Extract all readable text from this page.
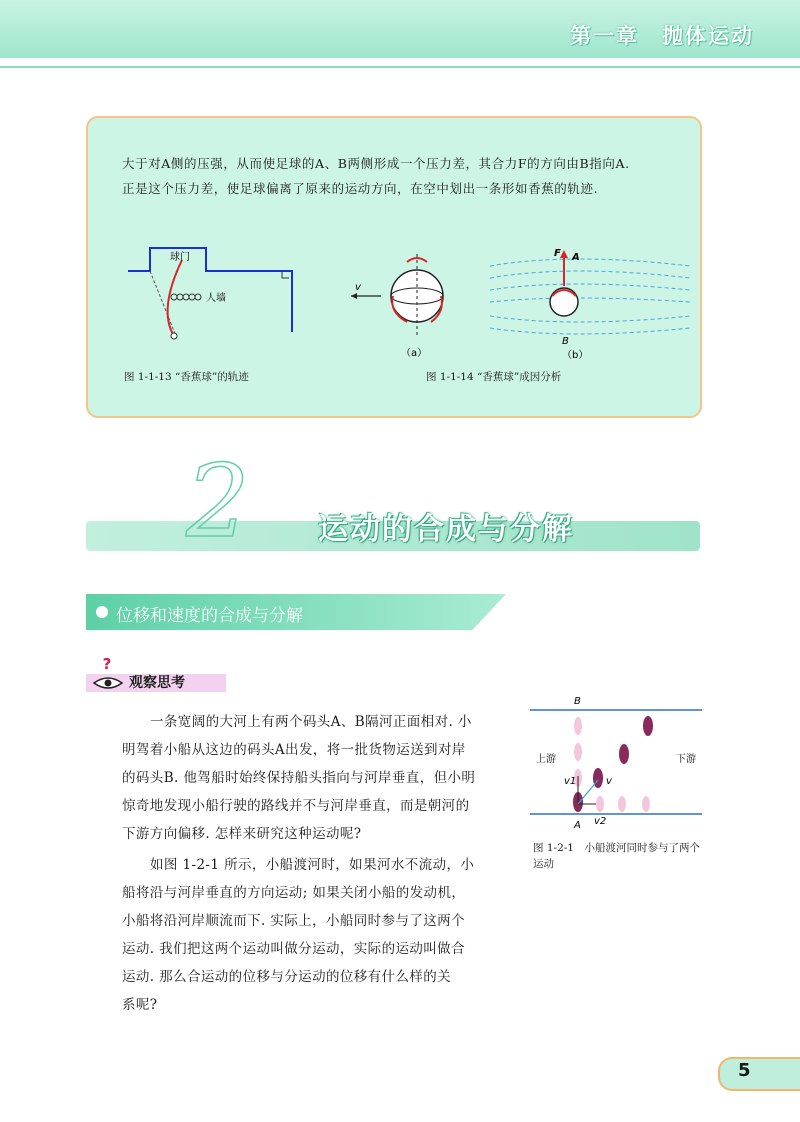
第一章　抛体运动
大于对A侧的压强，从而使足球的A、B两侧形成一个压力差，其合力F的方向由B指向A.
正是这个压力差，使足球偏离了原来的运动方向，在空中划出一条形如香蕉的轨迹.
球门
人墙
图 1-1-13 “香蕉球”的轨迹
v
（a）
F A
B
（b）
图 1-1-14 “香蕉球”成因分析
2 运动的合成与分解
位移和速度的合成与分解
?
观察思考
一条宽阔的大河上有两个码头A、B隔河正面相对. 小
明驾着小船从这边的码头A出发，将一批货物运送到对岸
的码头B. 他驾船时始终保持船头指向与河岸垂直，但小明
惊奇地发现小船行驶的路线并不与河岸垂直，而是朝河的
下游方向偏移. 怎样来研究这种运动呢?
如图 1-2-1 所示，小船渡河时，如果河水不流动，小
船将沿与河岸垂直的方向运动; 如果关闭小船的发动机，
小船将沿河岸顺流而下. 实际上，小船同时参与了这两个
运动. 我们把这两个运动叫做分运动，实际的运动叫做合
运动. 那么合运动的位移与分运动的位移有什么样的关
系呢?
B
A
上游	下游
v1	v
v2
图 1-2-1　小船渡河同时参与了两个运动
5
